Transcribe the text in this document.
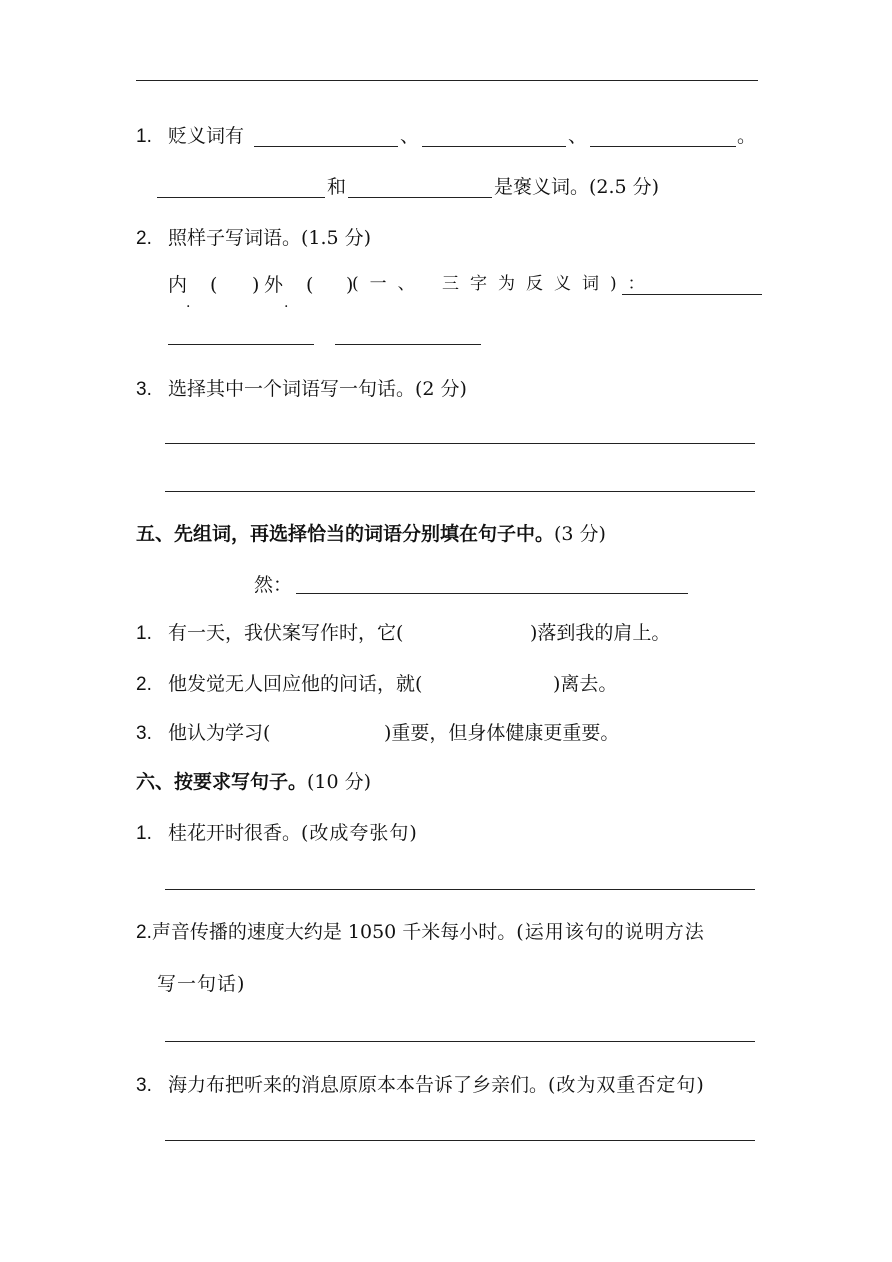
1. 贬义词有	、	、	。
和	是褒义词。(2.5 分)
2. 照样子写词语。(1.5 分)
内
.
( ) 外
.
( )
(一、 三字为反义词)：
3. 选择其中一个词语写一句话。(2 分)
五、先组词，再选择恰当的词语分别填在句子中。(3 分)
然：
1. 有一天，我伏案写作时，它(	)落到我的肩上。
2. 他发觉无人回应他的问话，就(	)离去。
3. 他认为学习(	)重要，但身体健康更重要。
六、按要求写句子。(10 分)
1. 桂花开时很香。(改成夸张句)
2.声音传播的速度大约是 1050 千米每小时。(运用该句的说明方法
写一句话)
3. 海力布把听来的消息原原本本告诉了乡亲们。(改为双重否定句)
